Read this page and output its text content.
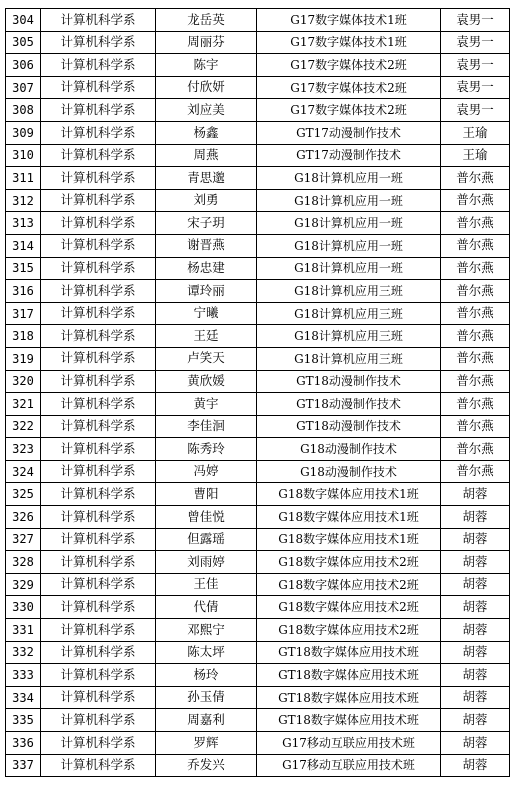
304	计算机科学系	龙岳英	G17数字媒体技术1班	袁男一
305	计算机科学系	周丽芬	G17数字媒体技术1班	袁男一
306	计算机科学系	陈宇	G17数字媒体技术2班	袁男一
307	计算机科学系	付欣妍	G17数字媒体技术2班	袁男一
308	计算机科学系	刘应美	G17数字媒体技术2班	袁男一
309	计算机科学系	杨鑫	GT17动漫制作技术	王瑜
310	计算机科学系	周燕	GT17动漫制作技术	王瑜
311	计算机科学系	青思邈	G18计算机应用一班	普尔燕
312	计算机科学系	刘勇	G18计算机应用一班	普尔燕
313	计算机科学系	宋子玥	G18计算机应用一班	普尔燕
314	计算机科学系	谢晋燕	G18计算机应用一班	普尔燕
315	计算机科学系	杨忠建	G18计算机应用一班	普尔燕
316	计算机科学系	谭玲丽	G18计算机应用三班	普尔燕
317	计算机科学系	宁曦	G18计算机应用三班	普尔燕
318	计算机科学系	王廷	G18计算机应用三班	普尔燕
319	计算机科学系	卢笑天	G18计算机应用三班	普尔燕
320	计算机科学系	黄欣媛	GT18动漫制作技术	普尔燕
321	计算机科学系	黄宇	GT18动漫制作技术	普尔燕
322	计算机科学系	李佳洄	GT18动漫制作技术	普尔燕
323	计算机科学系	陈秀玲	G18动漫制作技术	普尔燕
324	计算机科学系	冯婷	G18动漫制作技术	普尔燕
325	计算机科学系	曹阳	G18数字媒体应用技术1班	胡蓉
326	计算机科学系	曾佳悦	G18数字媒体应用技术1班	胡蓉
327	计算机科学系	但露瑶	G18数字媒体应用技术1班	胡蓉
328	计算机科学系	刘雨婷	G18数字媒体应用技术2班	胡蓉
329	计算机科学系	王佳	G18数字媒体应用技术2班	胡蓉
330	计算机科学系	代倩	G18数字媒体应用技术2班	胡蓉
331	计算机科学系	邓熙宁	G18数字媒体应用技术2班	胡蓉
332	计算机科学系	陈太坪	GT18数字媒体应用技术班	胡蓉
333	计算机科学系	杨玲	GT18数字媒体应用技术班	胡蓉
334	计算机科学系	孙玉倩	GT18数字媒体应用技术班	胡蓉
335	计算机科学系	周嘉利	GT18数字媒体应用技术班	胡蓉
336	计算机科学系	罗辉	G17移动互联应用技术班	胡蓉
337	计算机科学系	乔发兴	G17移动互联应用技术班	胡蓉
